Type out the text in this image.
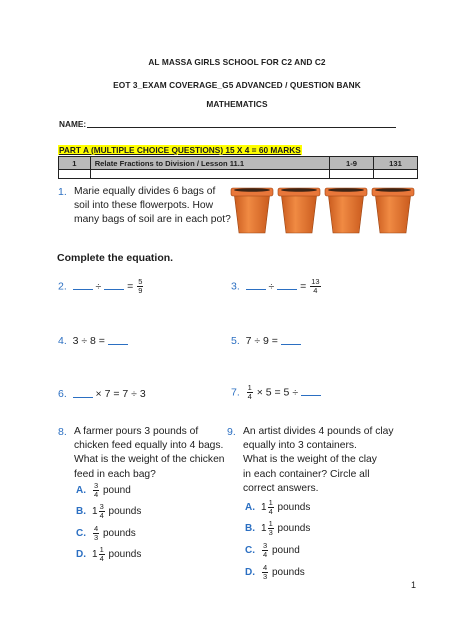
AL MASSA GIRLS SCHOOL FOR C2 AND C2
EOT 3_EXAM COVERAGE_G5 ADVANCED / QUESTION BANK
MATHEMATICS
NAME:
PART A (MULTIPLE CHOICE QUESTIONS) 15 X 4 = 60 MARKS
1	Relate Fractions to Division / Lesson 11.1	1-9	131

1. Marie equally divides 6 bags of
soil into these flowerpots. How
many bags of soil are in each pot?
Complete the equation.
2.	÷ = $\frac{5}{9}$	3.	÷ = $\frac{13}{4}$
4. 3 ÷ 8 =	5. 7 ÷ 9 =
6.	× 7 = 7 ÷ 3	7. $\frac{1}{4} \times 5 = 5$ ÷
8. A farmer pours 3 pounds of
chicken feed equally into 4 bags.
What is the weight of the chicken
feed in each bag?
A. $\frac{3}{4}$ pound
B. $1 \frac{3}{4}$ pounds
C. $\frac{4}{3}$ pounds
D. $1 \frac{1}{4}$ pounds
9. An artist divides 4 pounds of clay
equally into 3 containers.
What is the weight of the clay
in each container? Circle all
correct answers.
A. $1 \frac{1}{4}$ pounds
B. $1 \frac{1}{3}$ pounds
C. $\frac{3}{4}$ pound
D. $\frac{4}{3}$ pounds
1
